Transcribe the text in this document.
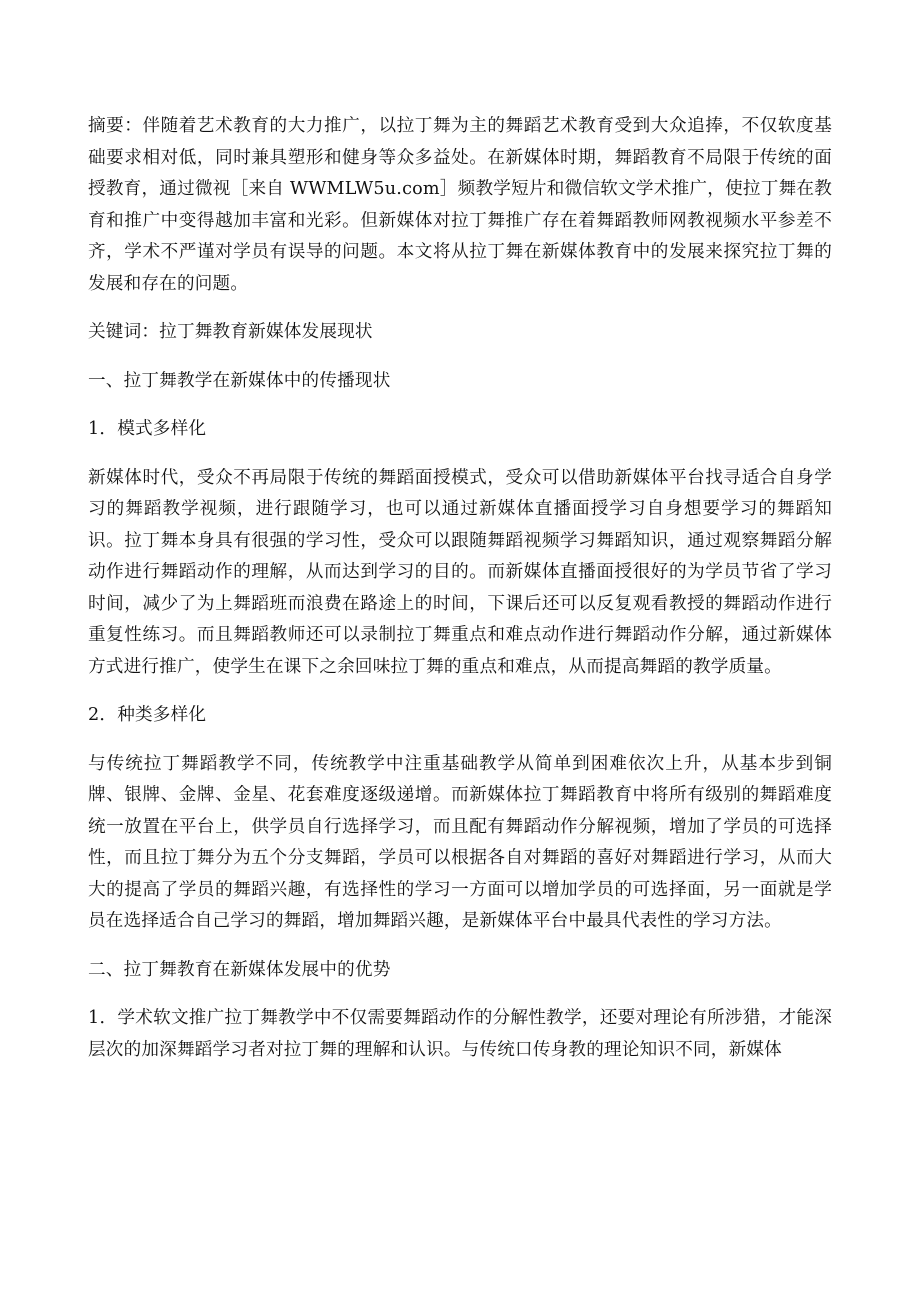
摘要：伴随着艺术教育的大力推广，以拉丁舞为主的舞蹈艺术教育受到大众追捧，不仅软度基础要求相对低，同时兼具塑形和健身等众多益处。在新媒体时期，舞蹈教育不局限于传统的面授教育，通过微视［来自 WWMLW5u.com］频教学短片和微信软文学术推广，使拉丁舞在教育和推广中变得越加丰富和光彩。但新媒体对拉丁舞推广存在着舞蹈教师网教视频水平参差不齐，学术不严谨对学员有误导的问题。本文将从拉丁舞在新媒体教育中的发展来探究拉丁舞的发展和存在的问题。

关键词：拉丁舞教育新媒体发展现状

一、拉丁舞教学在新媒体中的传播现状

1．模式多样化

新媒体时代，受众不再局限于传统的舞蹈面授模式，受众可以借助新媒体平台找寻适合自身学习的舞蹈教学视频，进行跟随学习，也可以通过新媒体直播面授学习自身想要学习的舞蹈知识。拉丁舞本身具有很强的学习性，受众可以跟随舞蹈视频学习舞蹈知识，通过观察舞蹈分解动作进行舞蹈动作的理解，从而达到学习的目的。而新媒体直播面授很好的为学员节省了学习时间，减少了为上舞蹈班而浪费在路途上的时间，下课后还可以反复观看教授的舞蹈动作进行重复性练习。而且舞蹈教师还可以录制拉丁舞重点和难点动作进行舞蹈动作分解，通过新媒体方式进行推广，使学生在课下之余回味拉丁舞的重点和难点，从而提高舞蹈的教学质量。

2．种类多样化

与传统拉丁舞蹈教学不同，传统教学中注重基础教学从简单到困难依次上升，从基本步到铜牌、银牌、金牌、金星、花套难度逐级递增。而新媒体拉丁舞蹈教育中将所有级别的舞蹈难度统一放置在平台上，供学员自行选择学习，而且配有舞蹈动作分解视频，增加了学员的可选择性，而且拉丁舞分为五个分支舞蹈，学员可以根据各自对舞蹈的喜好对舞蹈进行学习，从而大大的提高了学员的舞蹈兴趣，有选择性的学习一方面可以增加学员的可选择面，另一面就是学员在选择适合自己学习的舞蹈，增加舞蹈兴趣，是新媒体平台中最具代表性的学习方法。

二、拉丁舞教育在新媒体发展中的优势

1．学术软文推广拉丁舞教学中不仅需要舞蹈动作的分解性教学，还要对理论有所涉猎，才能深层次的加深舞蹈学习者对拉丁舞的理解和认识。与传统口传身教的理论知识不同，新媒体
